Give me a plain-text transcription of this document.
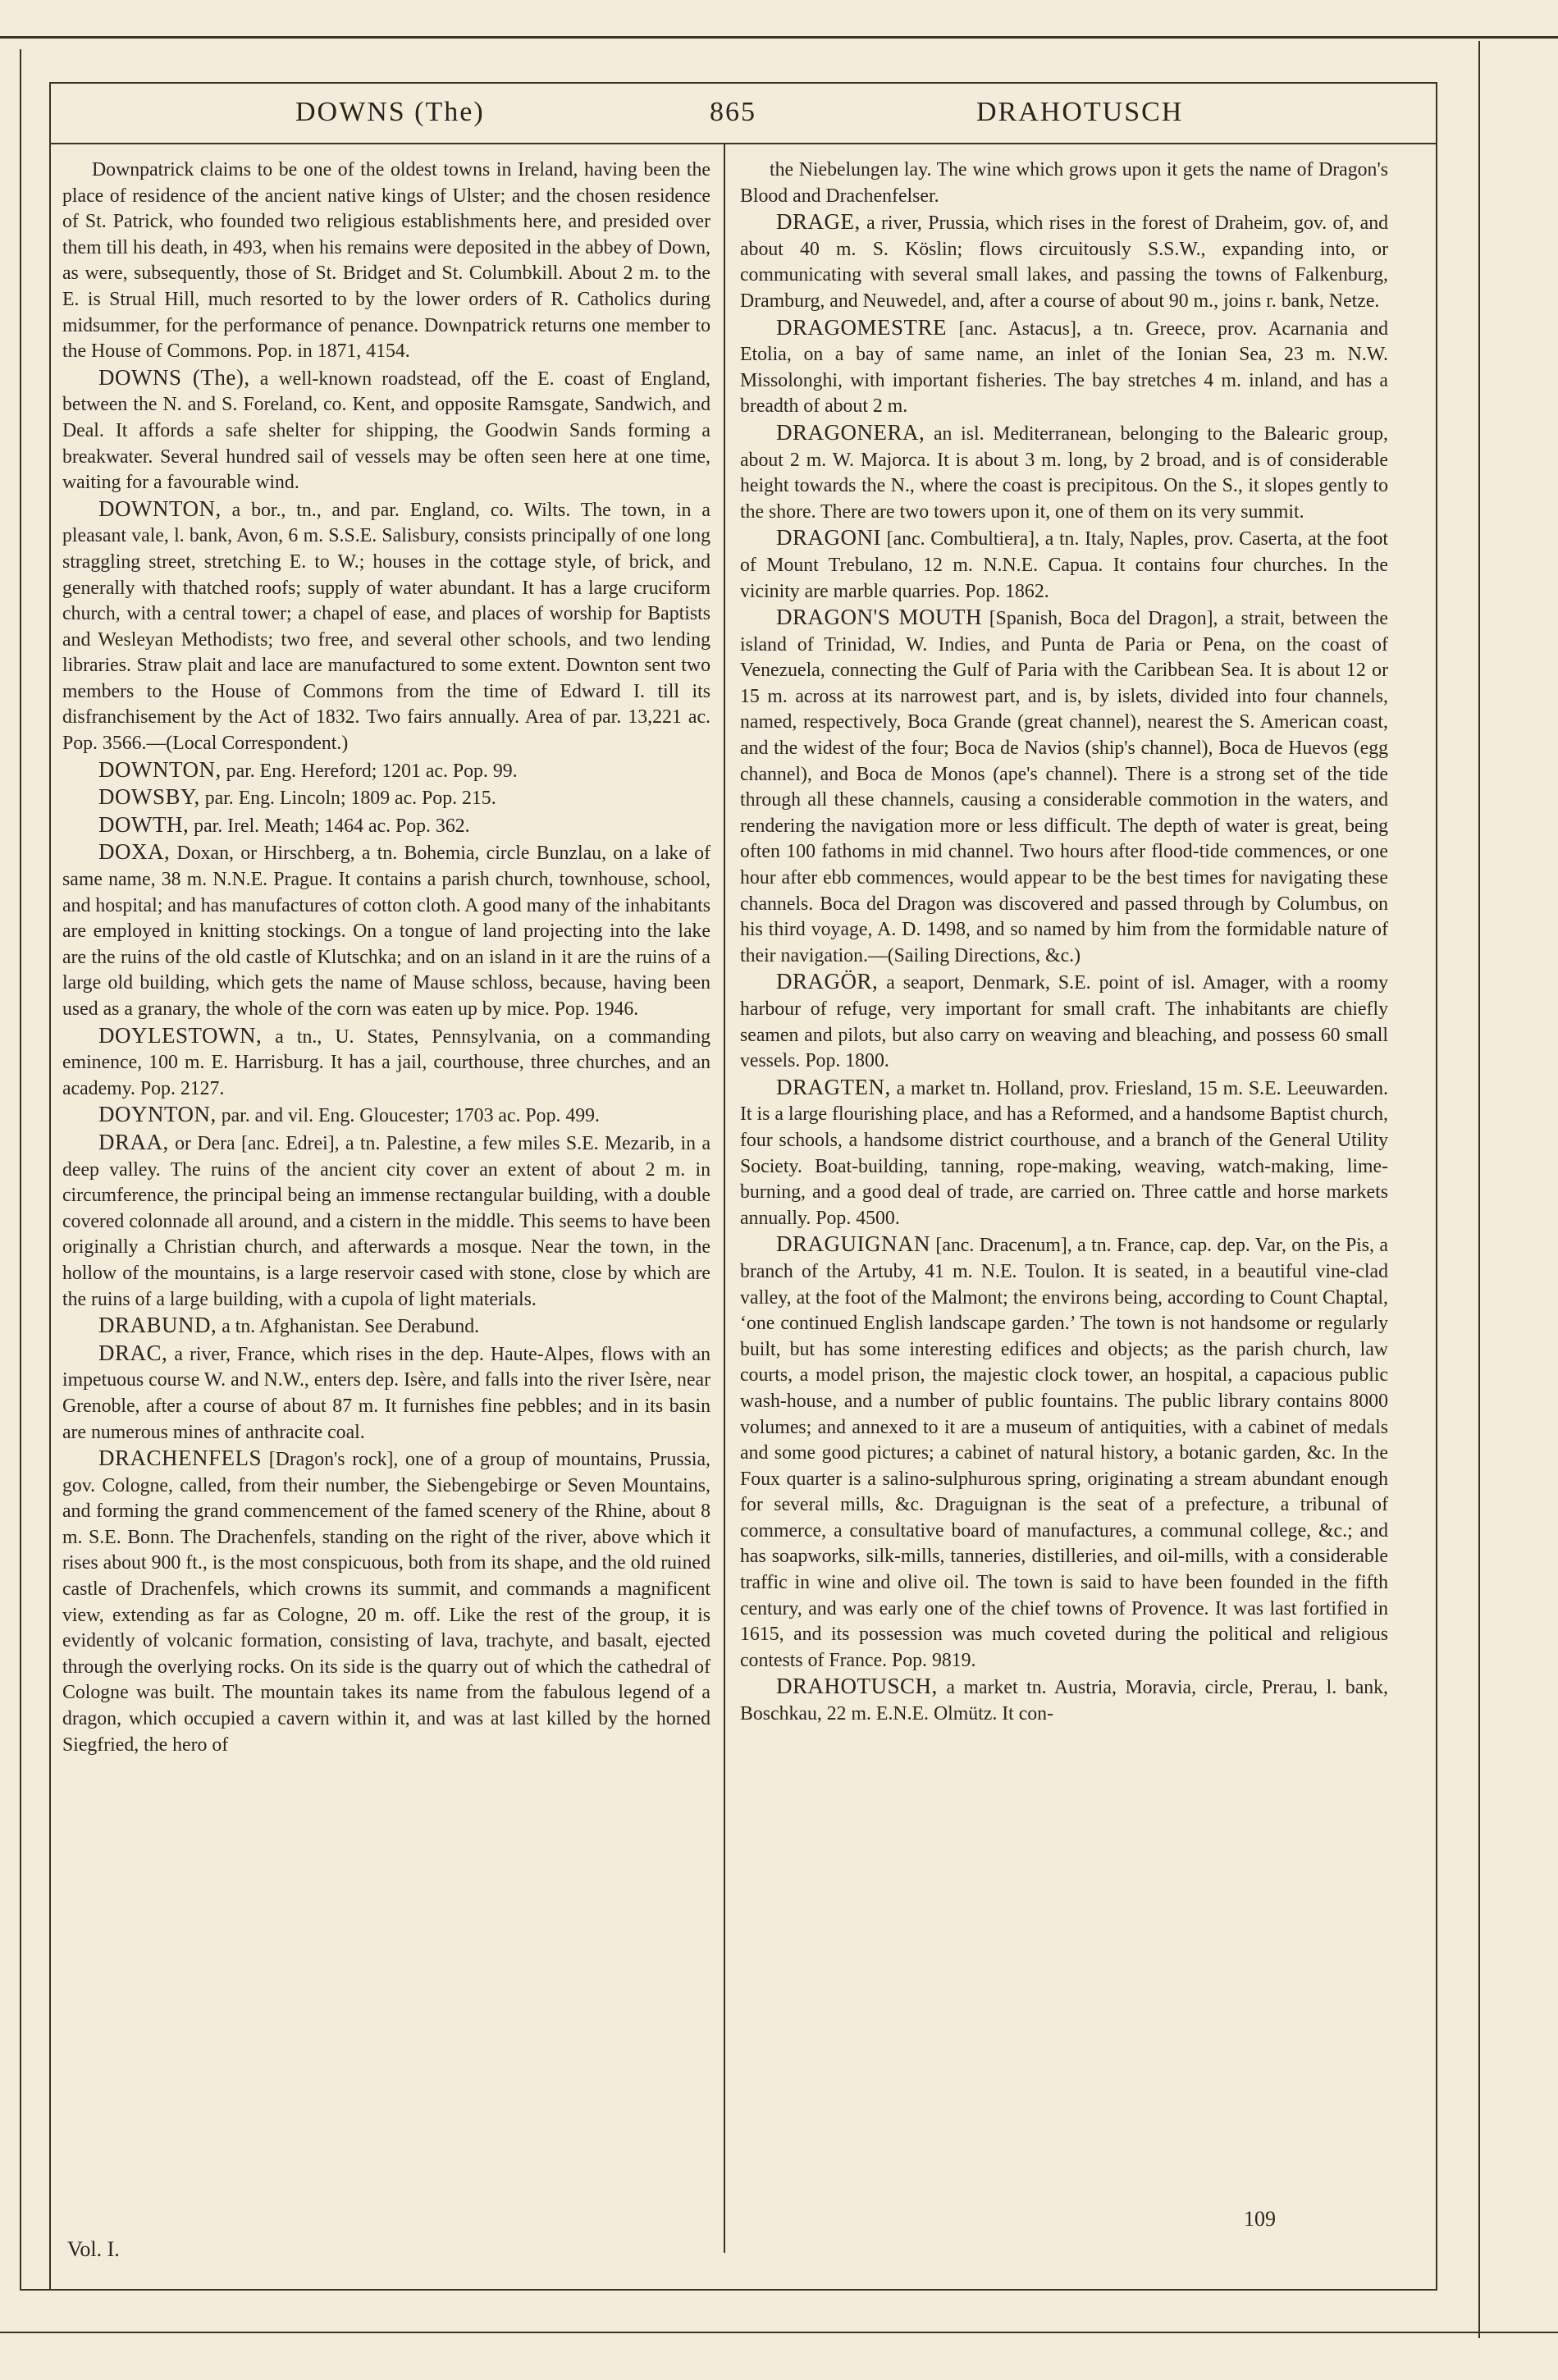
DOWNS (The)	865	DRAHOTUSCH

Downpatrick claims to be one of the oldest towns in Ireland, having been the place of residence of the ancient native kings of Ulster; and the chosen residence of St. Patrick, who founded two religious establishments here, and presided over them till his death, in 493, when his remains were deposited in the abbey of Down, as were, subsequently, those of St. Bridget and St. Columbkill. About 2 m. to the E. is Strual Hill, much resorted to by the lower orders of R. Catholics during midsummer, for the performance of penance. Downpatrick returns one member to the House of Commons. Pop. in 1871, 4154.

DOWNS (The), a well-known roadstead, off the E. coast of England, between the N. and S. Foreland, co. Kent, and opposite Ramsgate, Sandwich, and Deal. It affords a safe shelter for shipping, the Goodwin Sands forming a breakwater. Several hundred sail of vessels may be often seen here at one time, waiting for a favourable wind.

DOWNTON, a bor., tn., and par. England, co. Wilts. The town, in a pleasant vale, l. bank, Avon, 6 m. S.S.E. Salisbury, consists principally of one long straggling street, stretching E. to W.; houses in the cottage style, of brick, and generally with thatched roofs; supply of water abundant. It has a large cruciform church, with a central tower; a chapel of ease, and places of worship for Baptists and Wesleyan Methodists; two free, and several other schools, and two lending libraries. Straw plait and lace are manufactured to some extent. Downton sent two members to the House of Commons from the time of Edward I. till its disfranchisement by the Act of 1832. Two fairs annually. Area of par. 13,221 ac. Pop. 3566.—(Local Correspondent.)

DOWNTON, par. Eng. Hereford; 1201 ac. Pop. 99.

DOWSBY, par. Eng. Lincoln; 1809 ac. Pop. 215.

DOWTH, par. Irel. Meath; 1464 ac. Pop. 362.

DOXA, Doxan, or Hirschberg, a tn. Bohemia, circle Bunzlau, on a lake of same name, 38 m. N.N.E. Prague. It contains a parish church, townhouse, school, and hospital; and has manufactures of cotton cloth. A good many of the inhabitants are employed in knitting stockings. On a tongue of land projecting into the lake are the ruins of the old castle of Klutschka; and on an island in it are the ruins of a large old building, which gets the name of Mause schloss, because, having been used as a granary, the whole of the corn was eaten up by mice. Pop. 1946.

DOYLESTOWN, a tn., U. States, Pennsylvania, on a commanding eminence, 100 m. E. Harrisburg. It has a jail, courthouse, three churches, and an academy. Pop. 2127.

DOYNTON, par. and vil. Eng. Gloucester; 1703 ac. Pop. 499.

DRAA, or Dera [anc. Edrei], a tn. Palestine, a few miles S.E. Mezarib, in a deep valley. The ruins of the ancient city cover an extent of about 2 m. in circumference, the principal being an immense rectangular building, with a double covered colonnade all around, and a cistern in the middle. This seems to have been originally a Christian church, and afterwards a mosque. Near the town, in the hollow of the mountains, is a large reservoir cased with stone, close by which are the ruins of a large building, with a cupola of light materials.

DRABUND, a tn. Afghanistan. See Derabund.

DRAC, a river, France, which rises in the dep. Haute-Alpes, flows with an impetuous course W. and N.W., enters dep. Isère, and falls into the river Isère, near Grenoble, after a course of about 87 m. It furnishes fine pebbles; and in its basin are numerous mines of anthracite coal.

DRACHENFELS [Dragon's rock], one of a group of mountains, Prussia, gov. Cologne, called, from their number, the Siebengebirge or Seven Mountains, and forming the grand commencement of the famed scenery of the Rhine, about 8 m. S.E. Bonn. The Drachenfels, standing on the right of the river, above which it rises about 900 ft., is the most conspicuous, both from its shape, and the old ruined castle of Drachenfels, which crowns its summit, and commands a magnificent view, extending as far as Cologne, 20 m. off. Like the rest of the group, it is evidently of volcanic formation, consisting of lava, trachyte, and basalt, ejected through the overlying rocks. On its side is the quarry out of which the cathedral of Cologne was built. The mountain takes its name from the fabulous legend of a dragon, which occupied a cavern within it, and was at last killed by the horned Siegfried, the hero of

the Niebelungen lay. The wine which grows upon it gets the name of Dragon's Blood and Drachenfelser.

DRAGE, a river, Prussia, which rises in the forest of Draheim, gov. of, and about 40 m. S. Köslin; flows circuitously S.S.W., expanding into, or communicating with several small lakes, and passing the towns of Falkenburg, Dramburg, and Neuwedel, and, after a course of about 90 m., joins r. bank, Netze.

DRAGOMESTRE [anc. Astacus], a tn. Greece, prov. Acarnania and Etolia, on a bay of same name, an inlet of the Ionian Sea, 23 m. N.W. Missolonghi, with important fisheries. The bay stretches 4 m. inland, and has a breadth of about 2 m.

DRAGONERA, an isl. Mediterranean, belonging to the Balearic group, about 2 m. W. Majorca. It is about 3 m. long, by 2 broad, and is of considerable height towards the N., where the coast is precipitous. On the S., it slopes gently to the shore. There are two towers upon it, one of them on its very summit.

DRAGONI [anc. Combultiera], a tn. Italy, Naples, prov. Caserta, at the foot of Mount Trebulano, 12 m. N.N.E. Capua. It contains four churches. In the vicinity are marble quarries. Pop. 1862.

DRAGON'S MOUTH [Spanish, Boca del Dragon], a strait, between the island of Trinidad, W. Indies, and Punta de Paria or Pena, on the coast of Venezuela, connecting the Gulf of Paria with the Caribbean Sea. It is about 12 or 15 m. across at its narrowest part, and is, by islets, divided into four channels, named, respectively, Boca Grande (great channel), nearest the S. American coast, and the widest of the four; Boca de Navios (ship's channel), Boca de Huevos (egg channel), and Boca de Monos (ape's channel). There is a strong set of the tide through all these channels, causing a considerable commotion in the waters, and rendering the navigation more or less difficult. The depth of water is great, being often 100 fathoms in mid channel. Two hours after flood-tide commences, or one hour after ebb commences, would appear to be the best times for navigating these channels. Boca del Dragon was discovered and passed through by Columbus, on his third voyage, A. D. 1498, and so named by him from the formidable nature of their navigation.—(Sailing Directions, &c.)

DRAGÖR, a seaport, Denmark, S.E. point of isl. Amager, with a roomy harbour of refuge, very important for small craft. The inhabitants are chiefly seamen and pilots, but also carry on weaving and bleaching, and possess 60 small vessels. Pop. 1800.

DRAGTEN, a market tn. Holland, prov. Friesland, 15 m. S.E. Leeuwarden. It is a large flourishing place, and has a Reformed, and a handsome Baptist church, four schools, a handsome district courthouse, and a branch of the General Utility Society. Boat-building, tanning, rope-making, weaving, watch-making, lime-burning, and a good deal of trade, are carried on. Three cattle and horse markets annually. Pop. 4500.

DRAGUIGNAN [anc. Dracenum], a tn. France, cap. dep. Var, on the Pis, a branch of the Artuby, 41 m. N.E. Toulon. It is seated, in a beautiful vine-clad valley, at the foot of the Malmont; the environs being, according to Count Chaptal, ‘one continued English landscape garden.’ The town is not handsome or regularly built, but has some interesting edifices and objects; as the parish church, law courts, a model prison, the majestic clock tower, an hospital, a capacious public wash-house, and a number of public fountains. The public library contains 8000 volumes; and annexed to it are a museum of antiquities, with a cabinet of medals and some good pictures; a cabinet of natural history, a botanic garden, &c. In the Foux quarter is a salino-sulphurous spring, originating a stream abundant enough for several mills, &c. Draguignan is the seat of a prefecture, a tribunal of commerce, a consultative board of manufactures, a communal college, &c.; and has soapworks, silk-mills, tanneries, distilleries, and oil-mills, with a considerable traffic in wine and olive oil. The town is said to have been founded in the fifth century, and was early one of the chief towns of Provence. It was last fortified in 1615, and its possession was much coveted during the political and religious contests of France. Pop. 9819.

DRAHOTUSCH, a market tn. Austria, Moravia, circle, Prerau, l. bank, Boschkau, 22 m. E.N.E. Olmütz. It con-

Vol. I.
109
